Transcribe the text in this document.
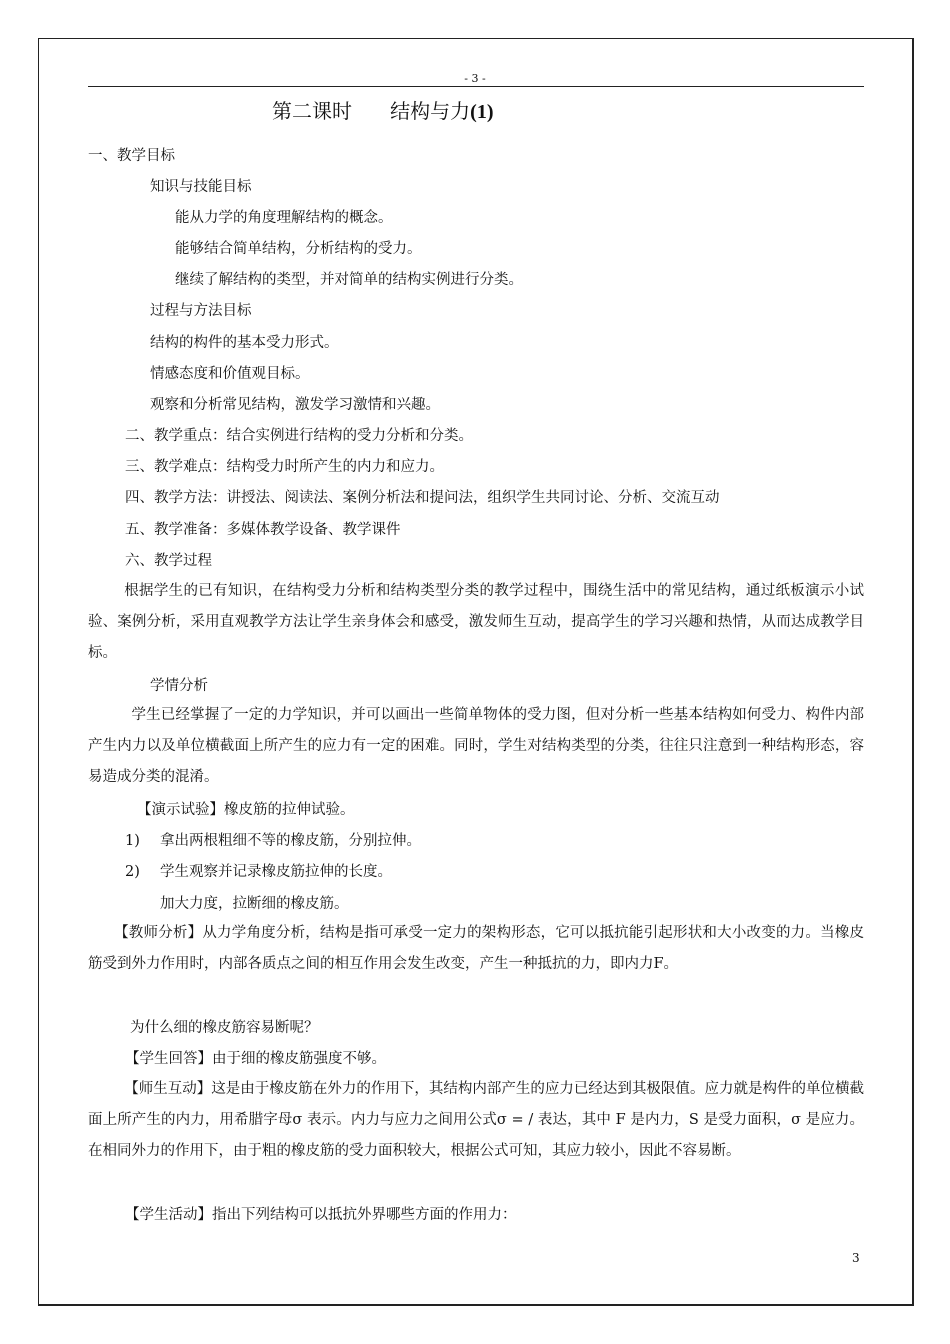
- 3 -
第二课时 结构与力(1)
一、教学目标
知识与技能目标
能从力学的角度理解结构的概念。
能够结合简单结构，分析结构的受力。
继续了解结构的类型，并对简单的结构实例进行分类。
过程与方法目标
结构的构件的基本受力形式。
情感态度和价值观目标。
观察和分析常见结构，激发学习激情和兴趣。
二、教学重点：结合实例进行结构的受力分析和分类。
三、教学难点：结构受力时所产生的内力和应力。
四、教学方法：讲授法、阅读法、案例分析法和提问法，组织学生共同讨论、分析、交流互动
五、教学准备：多媒体教学设备、教学课件
六、教学过程
根据学生的已有知识，在结构受力分析和结构类型分类的教学过程中，围绕生活中的常见结构，通过纸板演示小试验、案例分析，采用直观教学方法让学生亲身体会和感受，激发师生互动，提高学生的学习兴趣和热情，从而达成教学目标。
学情分析
学生已经掌握了一定的力学知识，并可以画出一些简单物体的受力图，但对分析一些基本结构如何受力、构件内部产生内力以及单位横截面上所产生的应力有一定的困难。同时，学生对结构类型的分类，往往只注意到一种结构形态，容易造成分类的混淆。
【演示试验】橡皮筋的拉伸试验。
1) 拿出两根粗细不等的橡皮筋，分别拉伸。
2) 学生观察并记录橡皮筋拉伸的长度。
加大力度，拉断细的橡皮筋。
【教师分析】从力学角度分析，结构是指可承受一定力的架构形态，它可以抵抗能引起形状和大小改变的力。当橡皮筋受到外力作用时，内部各质点之间的相互作用会发生改变，产生一种抵抗的力，即内力F。
为什么细的橡皮筋容易断呢？
【学生回答】由于细的橡皮筋强度不够。
【师生互动】这是由于橡皮筋在外力的作用下，其结构内部产生的应力已经达到其极限值。应力就是构件的单位横截面上所产生的内力，用希腊字母σ 表示。内力与应力之间用公式σ = / 表达，其中 F 是内力，S 是受力面积，σ 是应力。在相同外力的作用下，由于粗的橡皮筋的受力面积较大，根据公式可知，其应力较小，因此不容易断。
【学生活动】指出下列结构可以抵抗外界哪些方面的作用力：
3
